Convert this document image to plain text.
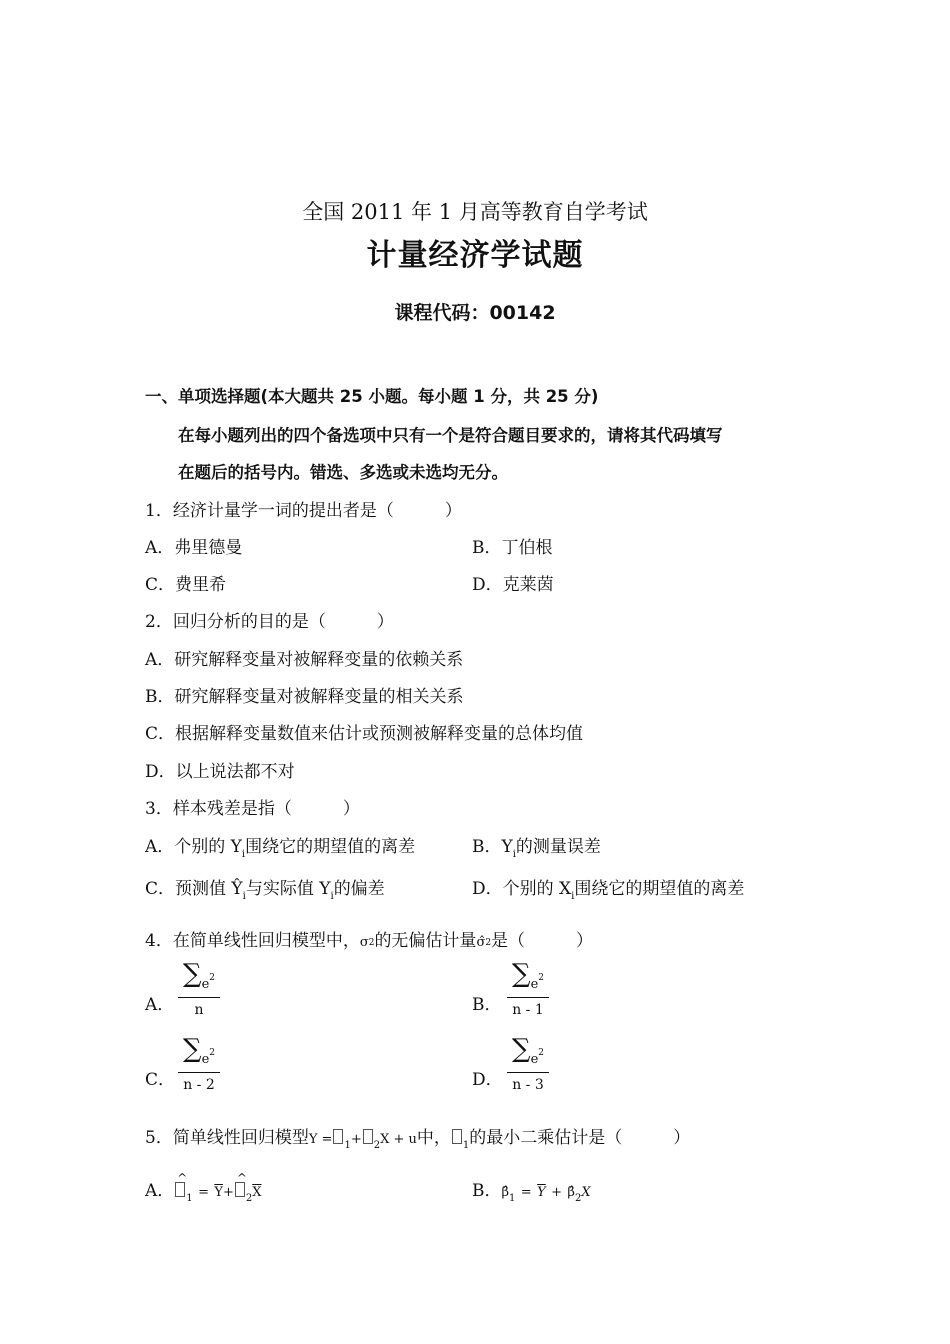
全国 2011 年 1 月高等教育自学考试
计量经济学试题
课程代码：00142
一、单项选择题(本大题共 25 小题。每小题 1 分，共 25 分)
在每小题列出的四个备选项中只有一个是符合题目要求的，请将其代码填写
在题后的括号内。错选、多选或未选均无分。
1．经济计量学一词的提出者是（　　　）
A．弗里德曼	B．丁伯根
C．费里希	D．克莱茵
2．回归分析的目的是（　　　）
A．研究解释变量对被解释变量的依赖关系
B．研究解释变量对被解释变量的相关关系
C．根据解释变量数值来估计或预测被解释变量的总体均值
D．以上说法都不对
3．样本残差是指（　　　）
A．个别的 $Y_i$围绕它的期望值的离差	B．$Y_i$的测量误差
C．预测值 $Ŷ_i$与实际值 $Y_i$的偏差	D．个别的 $X_i$围绕它的期望值的离差
4．在简单线性回归模型中，σ2的无偏估计量σ̂2是（　　　）
A．
$\sum_e2$
n	B．
$\sum_e2$
n - 1
C．
$\sum_e2$
n - 2	D．
$\sum_e2$
n - 3
5．简单线性回归模型Y = $_1$+ $_2$X + u中， $_1$的最小二乘估计是（　　　）
A．^ $_1 = \overline{Y}+\^{}$ $_2\overline{X}$	B．$\betâ_1 = \overline{Y}$ + $\betâ_2X$
